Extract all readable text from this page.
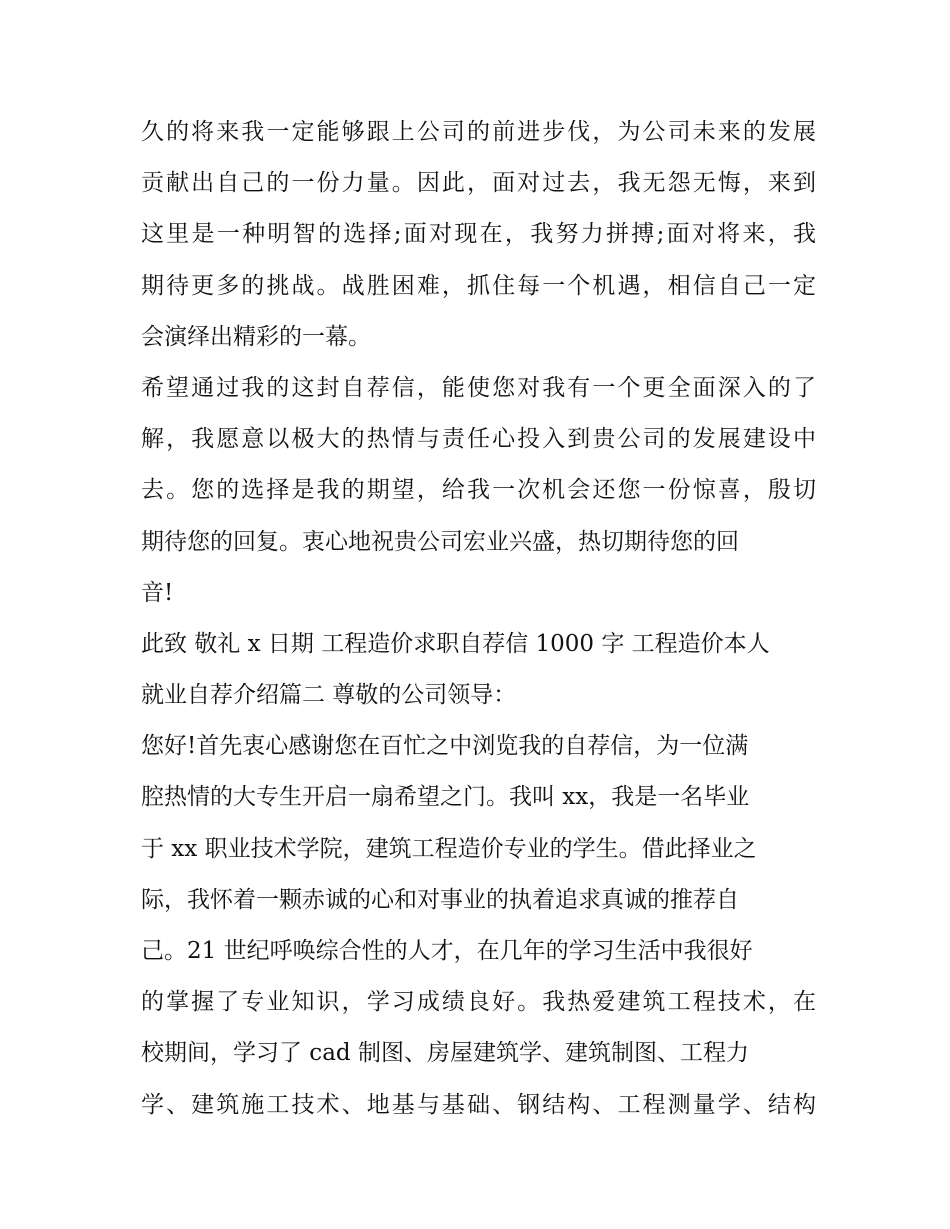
久的将来我一定能够跟上公司的前进步伐，为公司未来的发展
贡献出自己的一份力量。因此，面对过去，我无怨无悔，来到
这里是一种明智的选择;面对现在，我努力拼搏;面对将来，我
期待更多的挑战。战胜困难，抓住每一个机遇，相信自己一定
会演绎出精彩的一幕。
希望通过我的这封自荐信，能使您对我有一个更全面深入的了
解，我愿意以极大的热情与责任心投入到贵公司的发展建设中
去。您的选择是我的期望，给我一次机会还您一份惊喜，殷切
期待您的回复。衷心地祝贵公司宏业兴盛，热切期待您的回
音!
此致 敬礼 x 日期 工程造价求职自荐信 1000 字 工程造价本人
就业自荐介绍篇二 尊敬的公司领导：
您好!首先衷心感谢您在百忙之中浏览我的自荐信，为一位满
腔热情的大专生开启一扇希望之门。我叫 xx，我是一名毕业
于 xx 职业技术学院，建筑工程造价专业的学生。借此择业之
际，我怀着一颗赤诚的心和对事业的执着追求真诚的推荐自
己。21 世纪呼唤综合性的人才，在几年的学习生活中我很好
的掌握了专业知识，学习成绩良好。我热爱建筑工程技术，在
校期间，学习了 cad 制图、房屋建筑学、建筑制图、工程力
学、建筑施工技术、地基与基础、钢结构、工程测量学、结构
